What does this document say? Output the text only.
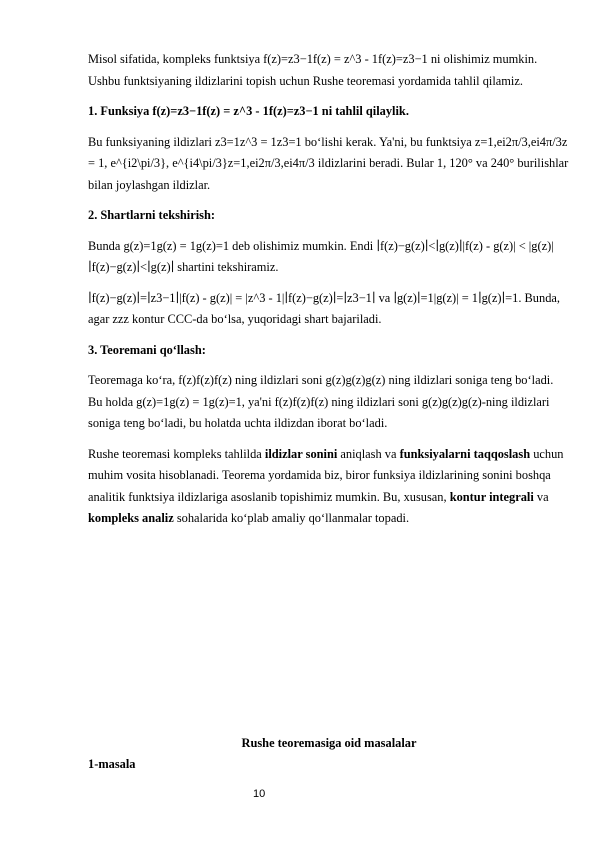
Misol sifatida, kompleks funktsiya f(z)=z3−1f(z) = z^3 - 1f(z)=z3−1 ni olishimiz mumkin. Ushbu funktsiyaning ildizlarini topish uchun Rushe teoremasi yordamida tahlil qilamiz.

1. Funksiya f(z)=z3−1f(z) = z^3 - 1f(z)=z3−1 ni tahlil qilaylik.

Bu funksiyaning ildizlari z3=1z^3 = 1z3=1 bo‘lishi kerak. Ya'ni, bu funktsiya z=1,ei2π/3,ei4π/3z = 1, e^{i2\pi/3}, e^{i4\pi/3}z=1,ei2π/3,ei4π/3 ildizlarini beradi. Bular 1, 120° va 240° burilishlar bilan joylashgan ildizlar.

2. Shartlarni tekshirish:

Bunda g(z)=1g(z) = 1g(z)=1 deb olishimiz mumkin. Endi ∣f(z)−g(z)∣<∣g(z)∣|f(z) - g(z)| < |g(z)|∣f(z)−g(z)∣<∣g(z)∣ shartini tekshiramiz.

∣f(z)−g(z)∣=∣z3−1∣|f(z) - g(z)| = |z^3 - 1|∣f(z)−g(z)∣=∣z3−1∣ va ∣g(z)∣=1|g(z)| = 1∣g(z)∣=1. Bunda, agar zzz kontur CCC-da bo‘lsa, yuqoridagi shart bajariladi.

3. Teoremani qo‘llash:

Teoremaga ko‘ra, f(z)f(z)f(z) ning ildizlari soni g(z)g(z)g(z) ning ildizlari soniga teng bo‘ladi. Bu holda g(z)=1g(z) = 1g(z)=1, ya'ni f(z)f(z)f(z) ning ildizlari soni g(z)g(z)g(z)-ning ildizlari soniga teng bo‘ladi, bu holatda uchta ildizdan iborat bo‘ladi.

Rushe teoremasi kompleks tahlilda ildizlar sonini aniqlash va funksiyalarni taqqoslash uchun muhim vosita hisoblanadi. Teorema yordamida biz, biror funksiya ildizlarining sonini boshqa analitik funktsiya ildizlariga asoslanib topishimiz mumkin. Bu, xususan, kontur integrali va kompleks analiz sohalarida ko‘plab amaliy qo‘llanmalar topadi.

Rushe teoremasiga oid masalalar
1-masala
10
